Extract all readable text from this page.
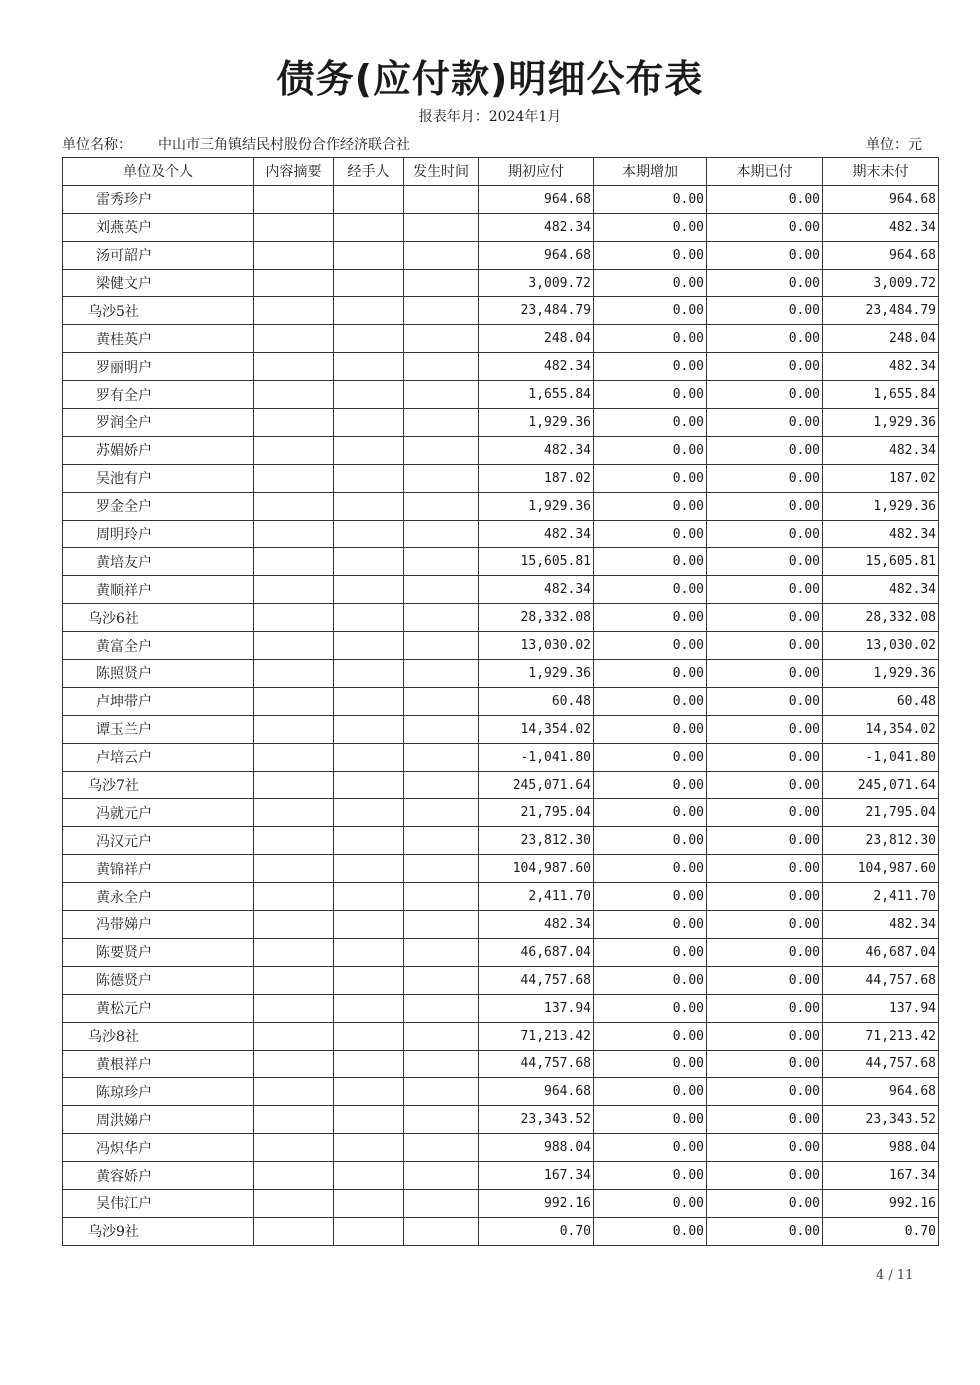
债务(应付款)明细公布表
报表年月：2024年1月
单位名称： 中山市三角镇结民村股份合作经济联合社	单位：元
单位及个人	内容摘要	经手人	发生时间	期初应付	本期增加	本期已付	期末未付
雷秀珍户				964.68	0.00	0.00	964.68
刘燕英户				482.34	0.00	0.00	482.34
汤可韶户				964.68	0.00	0.00	964.68
梁健文户				3,009.72	0.00	0.00	3,009.72
乌沙5社				23,484.79	0.00	0.00	23,484.79
黄桂英户				248.04	0.00	0.00	248.04
罗丽明户				482.34	0.00	0.00	482.34
罗有全户				1,655.84	0.00	0.00	1,655.84
罗润全户				1,929.36	0.00	0.00	1,929.36
苏媚娇户				482.34	0.00	0.00	482.34
吴池有户				187.02	0.00	0.00	187.02
罗金全户				1,929.36	0.00	0.00	1,929.36
周明玲户				482.34	0.00	0.00	482.34
黄培友户				15,605.81	0.00	0.00	15,605.81
黄顺祥户				482.34	0.00	0.00	482.34
乌沙6社				28,332.08	0.00	0.00	28,332.08
黄富全户				13,030.02	0.00	0.00	13,030.02
陈照贤户				1,929.36	0.00	0.00	1,929.36
卢坤带户				60.48	0.00	0.00	60.48
谭玉兰户				14,354.02	0.00	0.00	14,354.02
卢培云户				-1,041.80	0.00	0.00	-1,041.80
乌沙7社				245,071.64	0.00	0.00	245,071.64
冯就元户				21,795.04	0.00	0.00	21,795.04
冯汉元户				23,812.30	0.00	0.00	23,812.30
黄锦祥户				104,987.60	0.00	0.00	104,987.60
黄永全户				2,411.70	0.00	0.00	2,411.70
冯带娣户				482.34	0.00	0.00	482.34
陈要贤户				46,687.04	0.00	0.00	46,687.04
陈德贤户				44,757.68	0.00	0.00	44,757.68
黄松元户				137.94	0.00	0.00	137.94
乌沙8社				71,213.42	0.00	0.00	71,213.42
黄根祥户				44,757.68	0.00	0.00	44,757.68
陈琼珍户				964.68	0.00	0.00	964.68
周洪娣户				23,343.52	0.00	0.00	23,343.52
冯炽华户				988.04	0.00	0.00	988.04
黄容娇户				167.34	0.00	0.00	167.34
吴伟江户				992.16	0.00	0.00	992.16
乌沙9社				0.70	0.00	0.00	0.70
4 / 11
